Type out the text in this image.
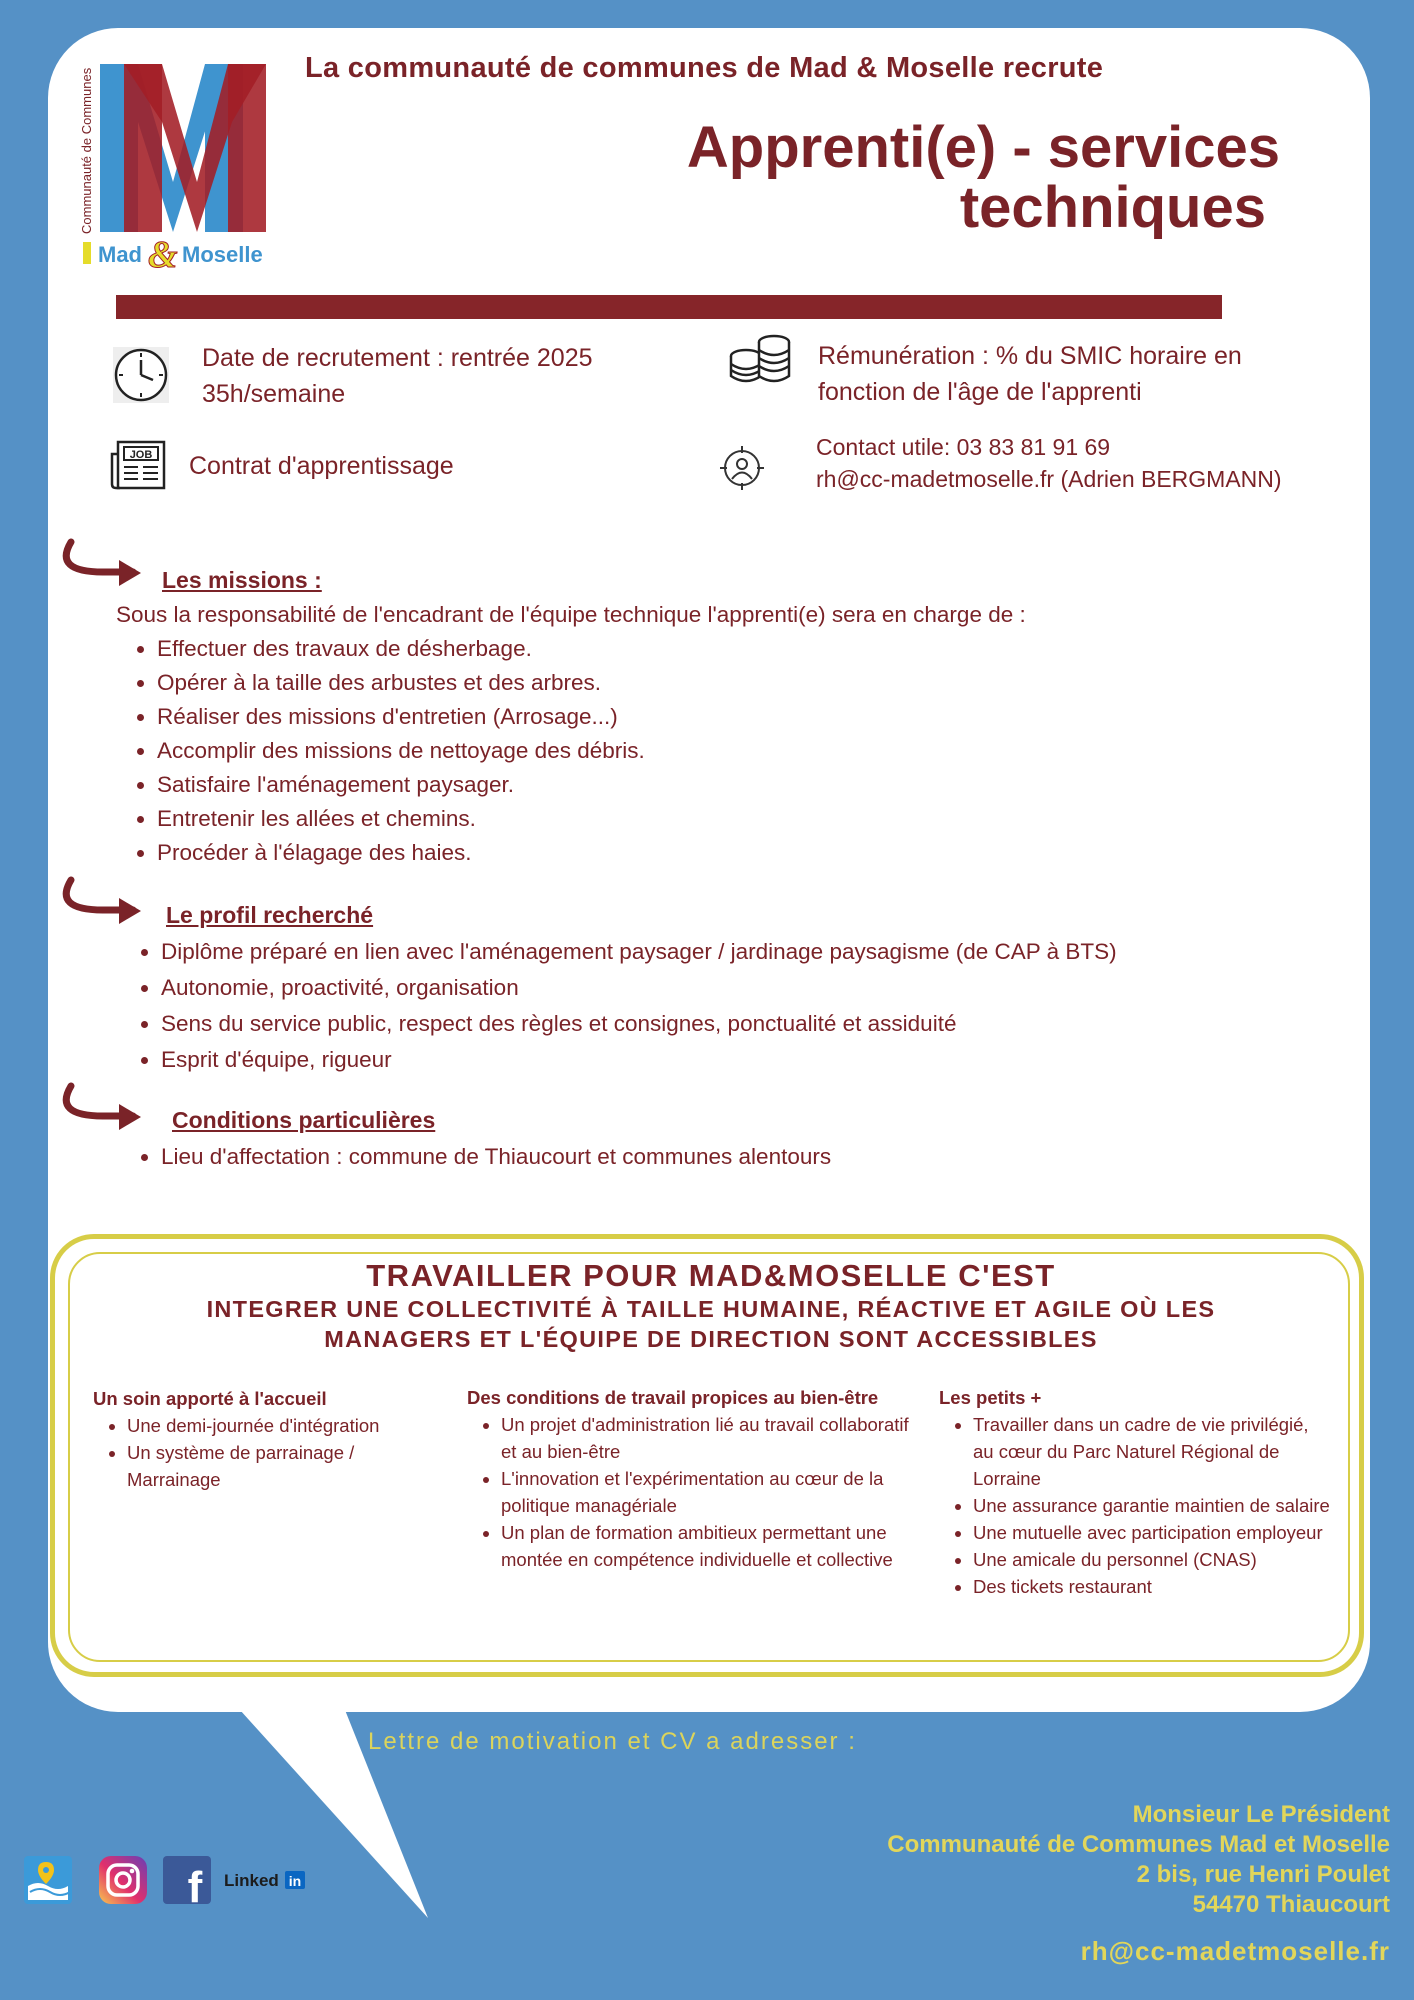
Communauté de Communes
Mad & Moselle
La communauté de communes de Mad & Moselle recrute
Apprenti(e) - services
techniques
Date de recrutement : rentrée 2025
35h/semaine
JOB Contrat d'apprentissage
Rémunération : % du SMIC horaire en
fonction de l'âge de l'apprenti
Contact utile: 03 83 81 91 69
rh@cc-madetmoselle.fr (Adrien BERGMANN)
Les missions :
Sous la responsabilité de l'encadrant de l'équipe technique l'apprenti(e) sera en charge de :
• Effectuer des travaux de désherbage.
• Opérer à la taille des arbustes et des arbres.
• Réaliser des missions d'entretien (Arrosage...)
• Accomplir des missions de nettoyage des débris.
• Satisfaire l'aménagement paysager.
• Entretenir les allées et chemins.
• Procéder à l'élagage des haies.
Le profil recherché
• Diplôme préparé en lien avec l'aménagement paysager / jardinage paysagisme (de CAP à BTS)
• Autonomie, proactivité, organisation
• Sens du service public, respect des règles et consignes, ponctualité et assiduité
• Esprit d'équipe, rigueur
Conditions particulières
• Lieu d'affectation : commune de Thiaucourt et communes alentours
TRAVAILLER POUR MAD&MOSELLE C'EST
INTEGRER UNE COLLECTIVITÉ À TAILLE HUMAINE, RÉACTIVE ET AGILE OÙ LES
MANAGERS ET L'ÉQUIPE DE DIRECTION SONT ACCESSIBLES
Un soin apporté à l'accueil
• Une demi-journée d'intégration
• Un système de parrainage / Marrainage
Des conditions de travail propices au bien-être
• Un projet d'administration lié au travail collaboratif et au bien-être
• L'innovation et l'expérimentation au cœur de la politique managériale
• Un plan de formation ambitieux permettant une montée en compétence individuelle et collective
Les petits +
• Travailler dans un cadre de vie privilégié, au cœur du Parc Naturel Régional de Lorraine
• Une assurance garantie maintien de salaire
• Une mutuelle avec participation employeur
• Une amicale du personnel (CNAS)
• Des tickets restaurant
Lettre de motivation et CV a adresser :
Monsieur Le Président
Communauté de Communes Mad et Moselle
2 bis, rue Henri Poulet
54470 Thiaucourt
rh@cc-madetmoselle.fr
f Linked in
